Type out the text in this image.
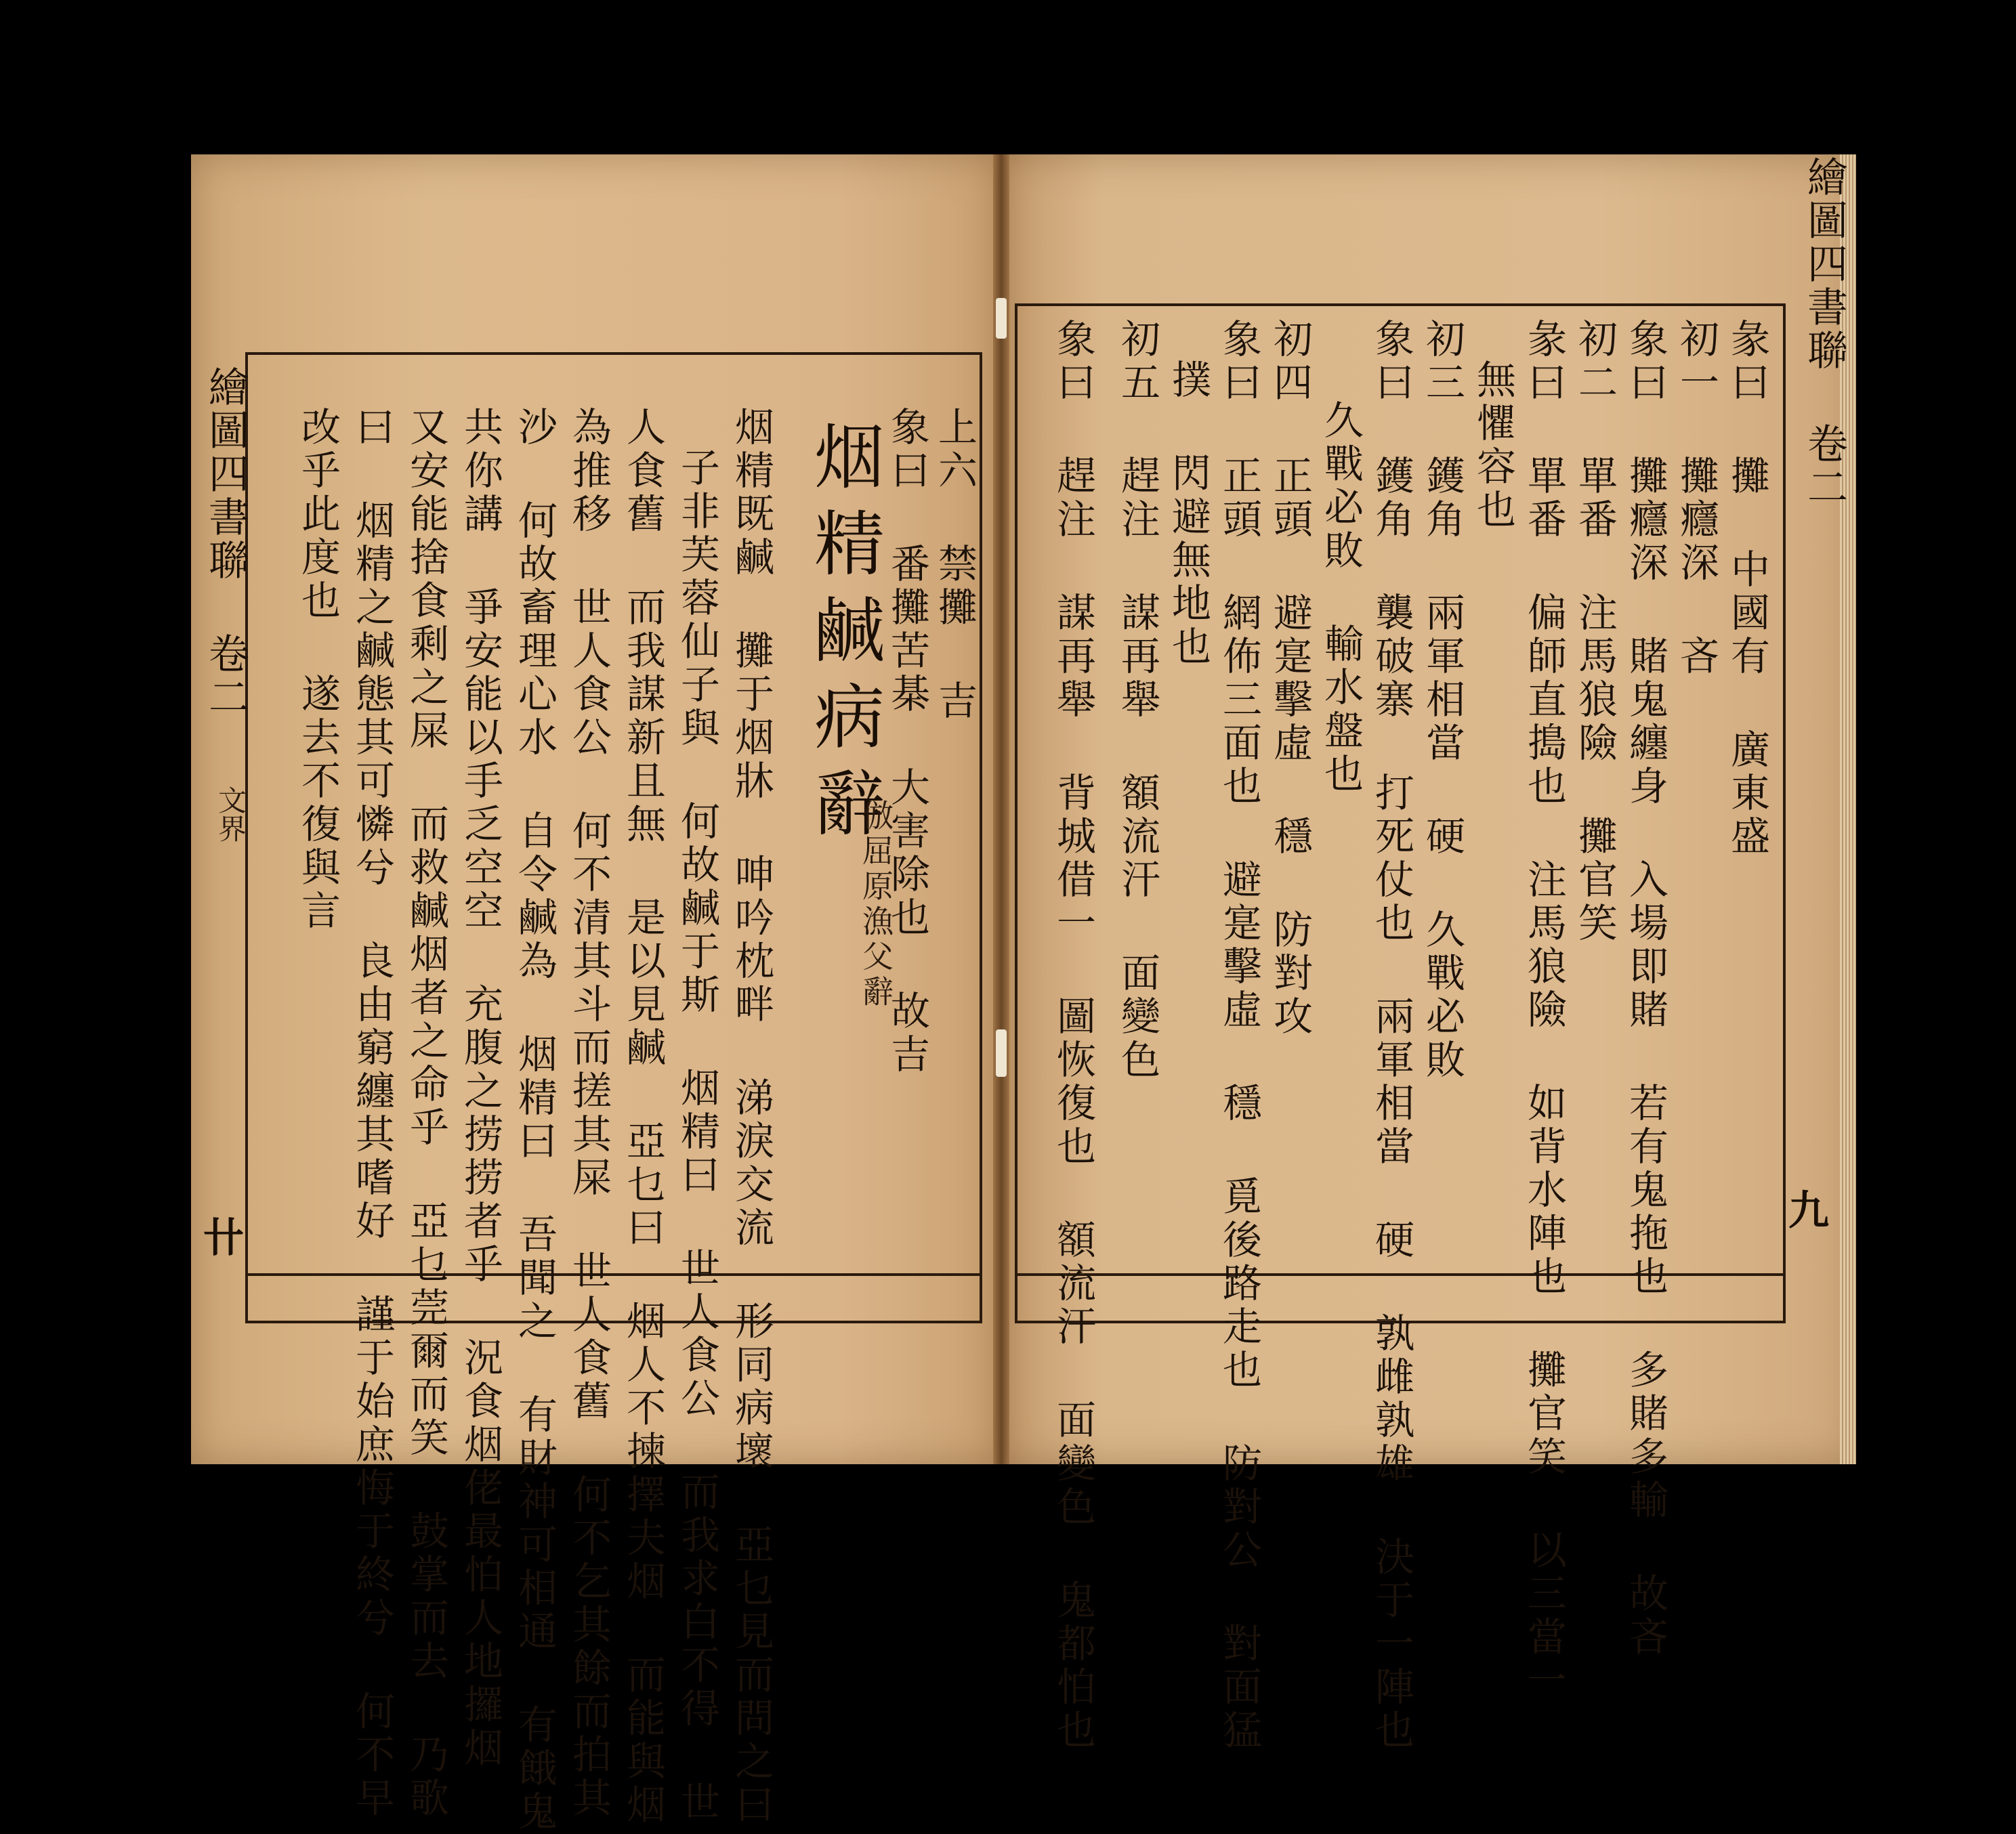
繪圖四書聯 卷二
文界
卄
上六 禁攤 吉
象曰 番攤苦棊 大害除也 故吉
烟精鹹病辭
倣屈原漁父辭
烟精既鹹 攤于烟牀 呻吟枕畔 涕淚交流 形同病壞 亞乜見而問之曰
子非芙蓉仙子與 何故鹹于斯 烟精曰 世人食公 而我求白不得 世
人食舊 而我謀新且無 是以見鹹 亞乜曰 烟人不揀擇夫烟 而能與烟
為推移 世人食公 何不清其斗而搓其屎 世人食舊 何不乞其餘而拍其
沙 何故畜理心水 自令鹹為 烟精曰 吾聞之 有財神可相通 有餓鬼
共你講 爭安能以手乏空空 充腹之捞捞者乎 況食烟佬最怕人地攞烟
又安能捨食剩之屎 而救鹹烟者之命乎 亞乜莞爾而笑 鼓掌而去 乃歌
曰 烟精之鹹態其可憐兮 良由窮纏其嗜好 謹于始庶悔于終兮 何不早
改乎此度也 遂去不復與言
繪圖四書聯 卷二
九
彖曰 攤 中國有 廣東盛
初一 攤癮深 吝
象曰 攤癮深 賭鬼纏身 入場即賭 若有鬼拖也 多賭多輸 故吝
初二 單番 注馬狼險 攤官笑
彖曰 單番 偏師直搗也 注馬狼險 如背水陣也 攤官笑 以三當一
無懼容也
初三 鑊角 兩軍相當 硬 久戰必敗
象曰 鑊角 襲破寨 打死仗也 兩軍相當 硬 孰雌孰雄 決于一陣也
久戰必敗 輸水盤也
初四 正頭 避寔擊虛 穩 防對攻
象曰 正頭 網佈三面也 避寔擊虛 穩 覓後路走也 防對公 對面猛
撲 閃避無地也
初五 趕注 謀再舉 額流汗 面變色
象曰 趕注 謀再舉 背城借一 圖恢復也 額流汗 面變色 鬼都怕也
